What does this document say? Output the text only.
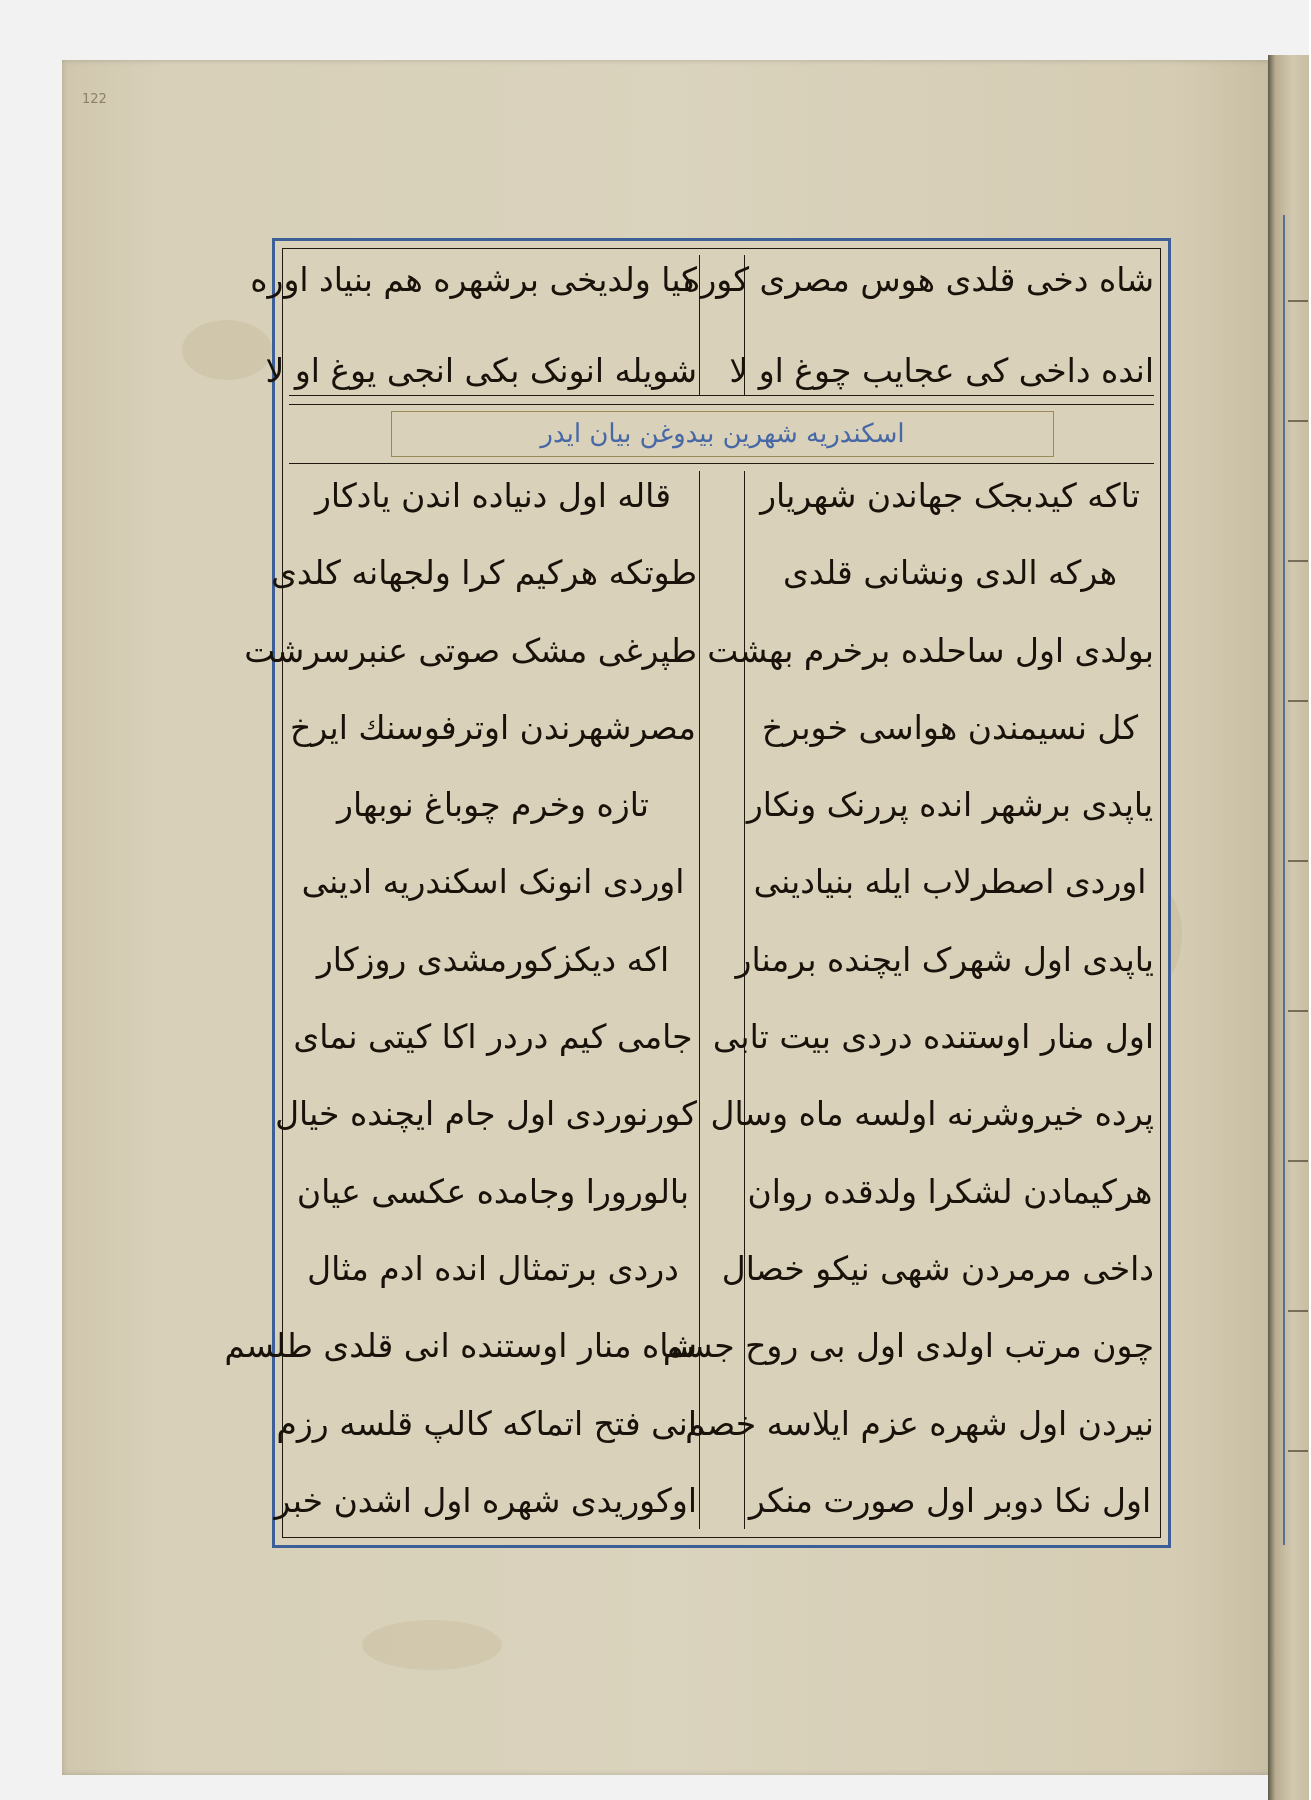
122
شاه دخی قلدی هوس مصری کوره
اندە داخی کی عجایب چوغ او لا
کیا ولدیخی برشهره هم بنیاد اوره
شویله انونک بکی انجی یوغ او لا
اسکندریه شهرین بیدوغن بیان ایدر
تاکه کیدبجک جهاندن شهریار
هرکه الدی ونشانی قلدی
بولدی اول ساحلده برخرم بهشت
کل نسیمندن هواسی خوبرخ
یاپدی برشهر اندە پررنک ونکار
اوردی اصطرلاب ایله بنیادینی
یاپدی اول شهرک ایچنده برمنار
اول منار اوستنده دردی بیت تابی
پرده خیروشرنه اولسه ماه وسال
هرکیمادن لشکرا ولدقده روان
داخی مرمردن شهی نیکو خصال
چون مرتب اولدی اول بی روح جسم
نیردن اول شهره عزم ایلاسه خصم
اول نکا دوبر اول صورت منکر
قاله اول دنیاده اندن یادکار
طوتکه هرکیم کرا ولجهانه کلدی
طپرغی مشک صوتی عنبرسرشت
مصرشهرندن اوترفوسنك ایرخ
تازه وخرم چوباغ نوبهار
اوردی انونک اسکندریه ادینی
اکه دیکزکورمشدی روزکار
جامی کیم دردر اکا کیتی نمای
کورنوردی اول جام ایچنده خیال
بالورورا وجامده عکسی عیان
دردی برتمثال اندە ادم مثال
شاه منار اوستنده انی قلدی طلسم
انی فتح اتماکه کالپ قلسه رزم
اوکوریدی شهره اول اشدن خبر
